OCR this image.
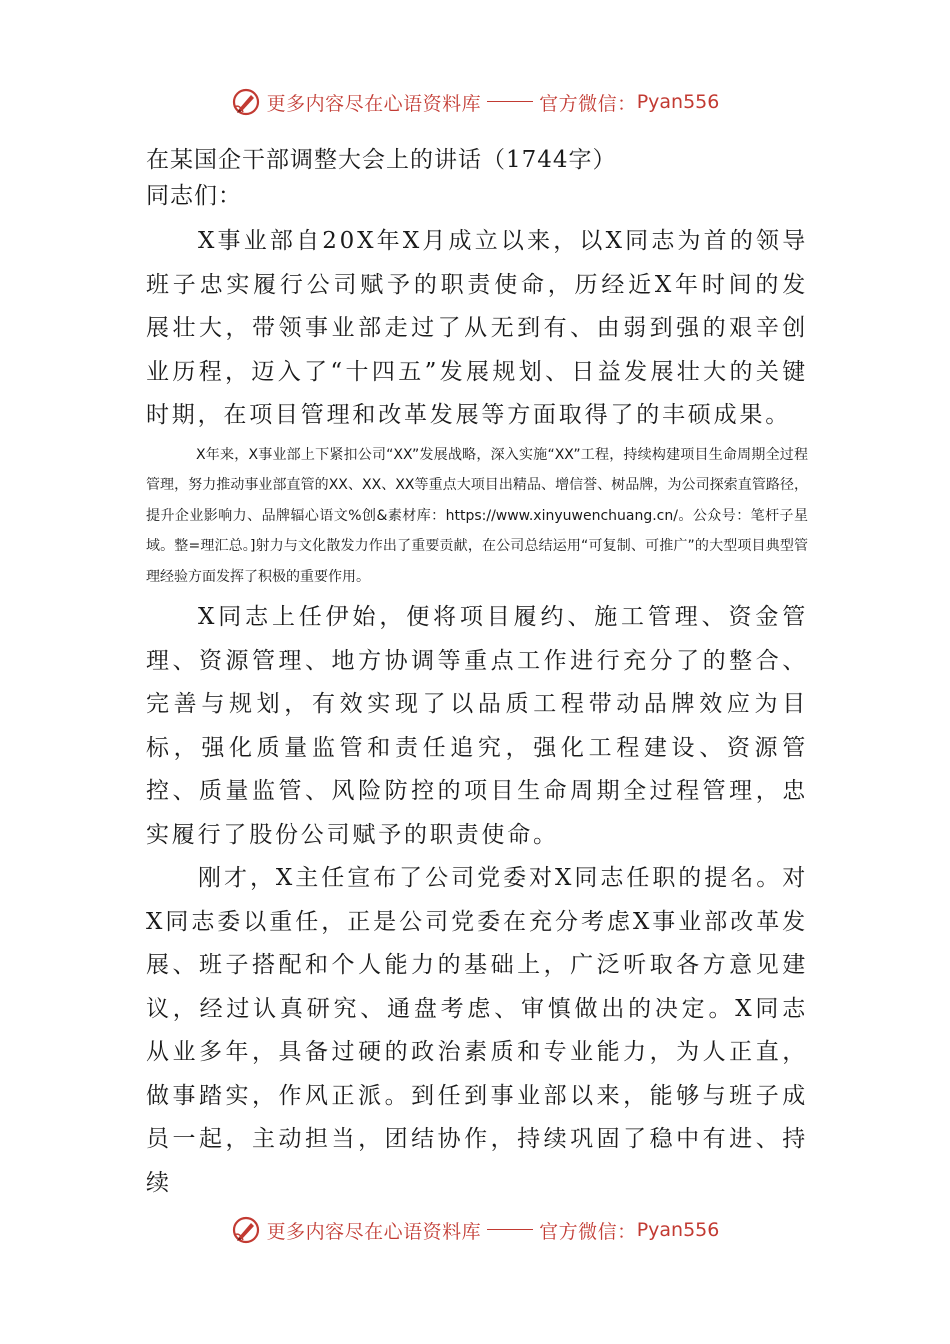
更多内容尽在心语资料库	官方微信： Pyan556
在某国企干部调整大会上的讲话（1744字）
同志们：

X事业部自20X年X月成立以来，以X同志为首的领导班子忠实履行公司赋予的职责使命，历经近X年时间的发展壮大，带领事业部走过了从无到有、由弱到强的艰辛创业历程，迈入了“十四五”发展规划、日益发展壮大的关键时期，在项目管理和改革发展等方面取得了的丰硕成果。

X年来，X事业部上下紧扣公司“XX”发展战略，深入实施“XX”工程，持续构建项目生命周期全过程管理，努力推动事业部直管的XX、XX、XX等重点大项目出精品、增信誉、树品牌，为公司探索直管路径，提升企业影响力、品牌辐心语文%创&素材库：https://www.xinyuwenchuang.cn/。公众号：笔杆子星域。整=理汇总。]射力与文化散发力作出了重要贡献，在公司总结运用“可复制、可推广”的大型项目典型管理经验方面发挥了积极的重要作用。

X同志上任伊始，便将项目履约、施工管理、资金管理、资源管理、地方协调等重点工作进行充分了的整合、完善与规划，有效实现了以品质工程带动品牌效应为目标，强化质量监管和责任追究，强化工程建设、资源管控、质量监管、风险防控的项目生命周期全过程管理，忠实履行了股份公司赋予的职责使命。

刚才，X主任宣布了公司党委对X同志任职的提名。对X同志委以重任，正是公司党委在充分考虑X事业部改革发展、班子搭配和个人能力的基础上，广泛听取各方意见建议，经过认真研究、通盘考虑、审慎做出的决定。X同志从业多年，具备过硬的政治素质和专业能力，为人正直，做事踏实，作风正派。到任到事业部以来，能够与班子成员一起，主动担当，团结协作，持续巩固了稳中有进、持续

更多内容尽在心语资料库	官方微信： Pyan556
